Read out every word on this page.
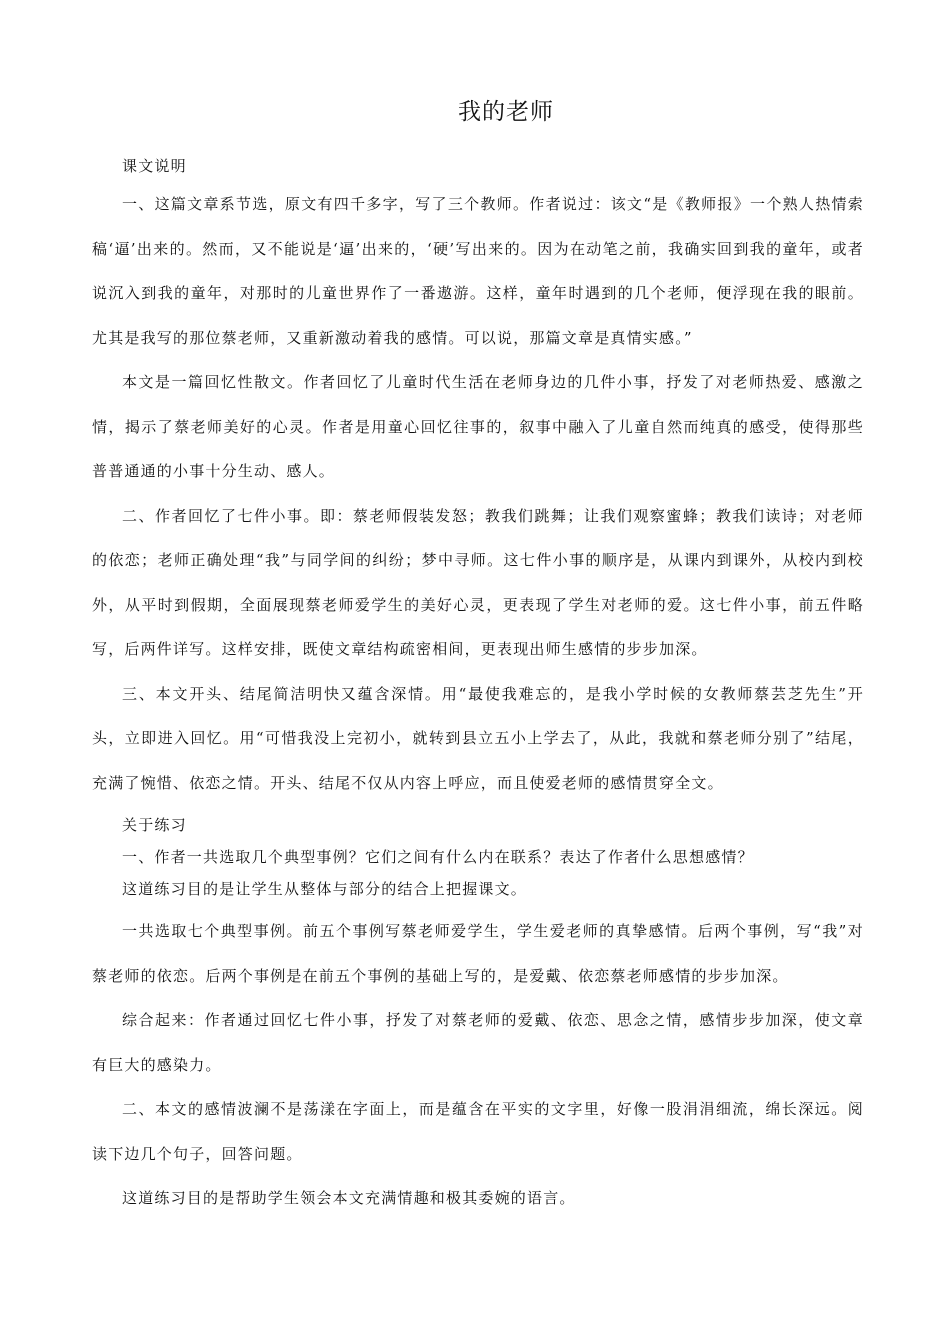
我的老师

课文说明

一、这篇文章系节选，原文有四千多字，写了三个教师。作者说过：该文“是《教师报》一个熟人热情索稿‘逼’出来的。然而，又不能说是‘逼’出来的，‘硬’写出来的。因为在动笔之前，我确实回到我的童年，或者说沉入到我的童年，对那时的儿童世界作了一番遨游。这样，童年时遇到的几个老师，便浮现在我的眼前。尤其是我写的那位蔡老师，又重新激动着我的感情。可以说，那篇文章是真情实感。”

本文是一篇回忆性散文。作者回忆了儿童时代生活在老师身边的几件小事，抒发了对老师热爱、感激之情，揭示了蔡老师美好的心灵。作者是用童心回忆往事的，叙事中融入了儿童自然而纯真的感受，使得那些普普通通的小事十分生动、感人。

二、作者回忆了七件小事。即：蔡老师假装发怒；教我们跳舞；让我们观察蜜蜂；教我们读诗；对老师的依恋；老师正确处理“我”与同学间的纠纷；梦中寻师。这七件小事的顺序是，从课内到课外，从校内到校外，从平时到假期，全面展现蔡老师爱学生的美好心灵，更表现了学生对老师的爱。这七件小事，前五件略写，后两件详写。这样安排，既使文章结构疏密相间，更表现出师生感情的步步加深。

三、本文开头、结尾简洁明快又蕴含深情。用“最使我难忘的，是我小学时候的女教师蔡芸芝先生”开头，立即进入回忆。用“可惜我没上完初小，就转到县立五小上学去了，从此，我就和蔡老师分别了”结尾，充满了惋惜、依恋之情。开头、结尾不仅从内容上呼应，而且使爱老师的感情贯穿全文。

关于练习

一、作者一共选取几个典型事例？它们之间有什么内在联系？表达了作者什么思想感情？

这道练习目的是让学生从整体与部分的结合上把握课文。

一共选取七个典型事例。前五个事例写蔡老师爱学生，学生爱老师的真挚感情。后两个事例，写“我”对蔡老师的依恋。后两个事例是在前五个事例的基础上写的，是爱戴、依恋蔡老师感情的步步加深。

综合起来：作者通过回忆七件小事，抒发了对蔡老师的爱戴、依恋、思念之情，感情步步加深，使文章有巨大的感染力。

二、本文的感情波澜不是荡漾在字面上，而是蕴含在平实的文字里，好像一股涓涓细流，绵长深远。阅读下边几个句子，回答问题。

这道练习目的是帮助学生领会本文充满情趣和极其委婉的语言。
